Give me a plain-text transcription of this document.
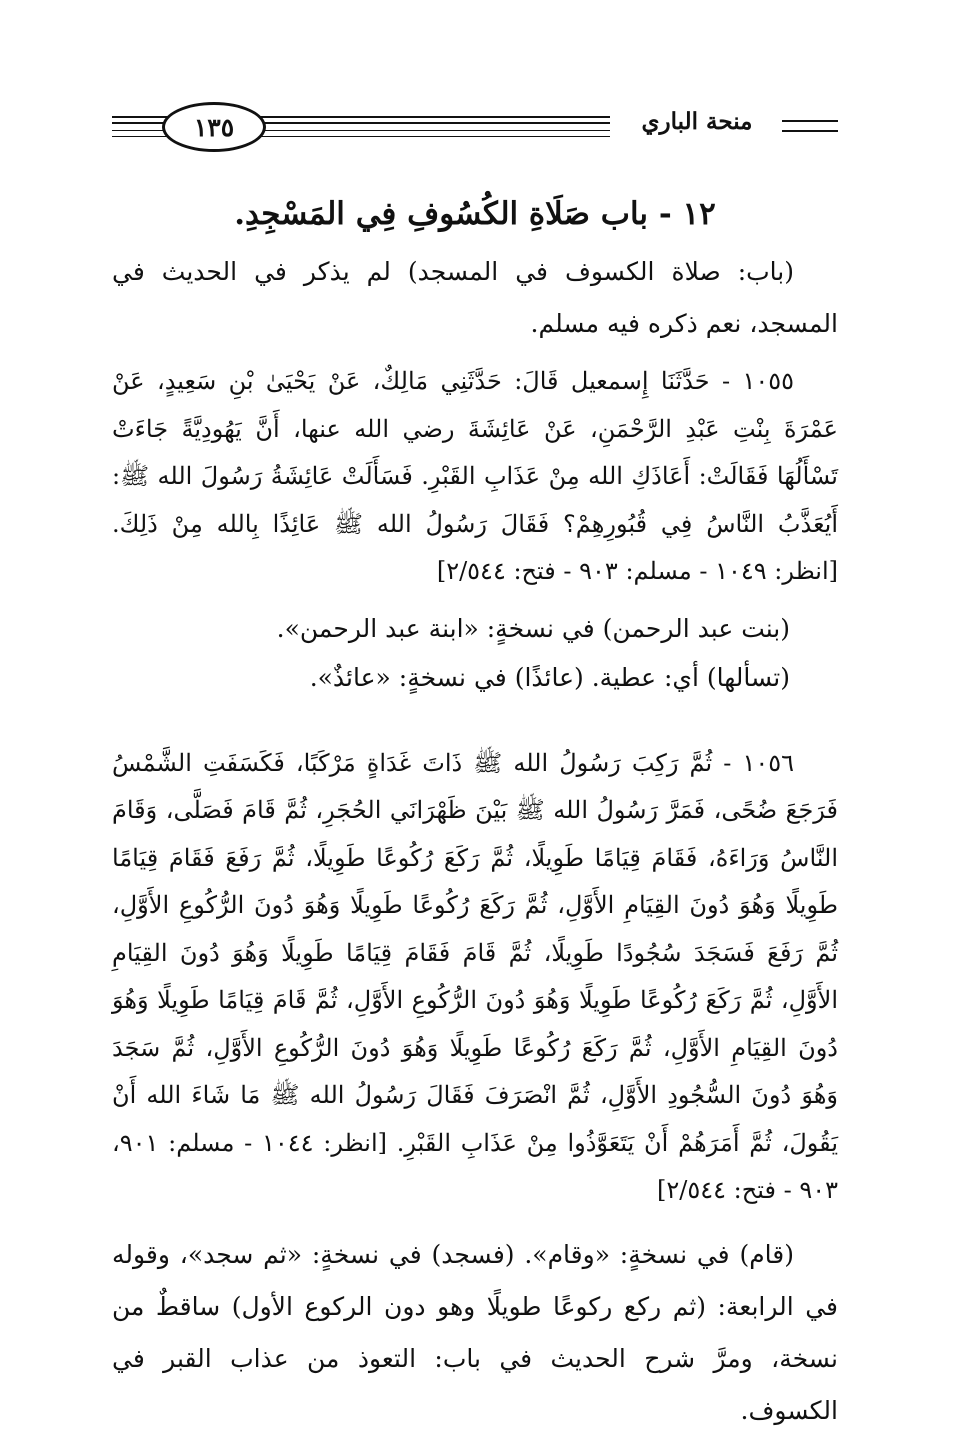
١٣٥	منحة الباري
١٢ - باب صَلَاةِ الكُسُوفِ فِي المَسْجِدِ.

(باب: صلاة الكسوف في المسجد) لم يذكر في الحديث في المسجد، نعم ذكره فيه مسلم.

١٠٥٥ - حَدَّثَنَا إِسمعيل قَالَ: حَدَّثَنِي مَالِكٌ، عَنْ يَحْيَىٰ بْنِ سَعِيدٍ، عَنْ عَمْرَةَ بِنْتِ عَبْدِ الرَّحْمَنِ، عَنْ عَائِشَةَ رضي الله عنها، أَنَّ يَهُودِيَّةً جَاءَتْ تَسْأَلُهَا فَقَالَتْ: أَعَاذَكِ الله مِنْ عَذَابِ القَبْرِ. فَسَأَلَتْ عَائِشَةُ رَسُولَ الله ﷺ: أَيُعَذَّبُ النَّاسُ فِي قُبُورِهِمْ؟ فَقَالَ رَسُولُ الله ﷺ عَائِذًا بِالله مِنْ ذَلِكَ. [انظر: ١٠٤٩ - مسلم: ٩٠٣ - فتح: ٢/٥٤٤]

(بنت عبد الرحمن) في نسخةٍ: «ابنة عبد الرحمن».

(تسألها) أي: عطية. (عائذًا) في نسخةٍ: «عائذٌ».

١٠٥٦ - ثُمَّ رَكِبَ رَسُولُ الله ﷺ ذَاتَ غَدَاةٍ مَرْكَبًا، فَكَسَفَتِ الشَّمْسُ فَرَجَعَ ضُحًى، فَمَرَّ رَسُولُ الله ﷺ بَيْنَ ظَهْرَانَي الحُجَرِ، ثُمَّ قَامَ فَصَلَّى، وَقَامَ النَّاسُ وَرَاءَهُ، فَقَامَ قِيَامًا طَوِيلًا، ثُمَّ رَكَعَ رُكُوعًا طَوِيلًا، ثُمَّ رَفَعَ فَقَامَ قِيَامًا طَوِيلًا وَهُوَ دُونَ القِيَامِ الأَوَّلِ، ثُمَّ رَكَعَ رُكُوعًا طَوِيلًا وَهُوَ دُونَ الرُّكُوعِ الأَوَّلِ، ثُمَّ رَفَعَ فَسَجَدَ سُجُودًا طَوِيلًا، ثُمَّ قَامَ فَقَامَ قِيَامًا طَوِيلًا وَهُوَ دُونَ القِيَامِ الأَوَّلِ، ثُمَّ رَكَعَ رُكُوعًا طَوِيلًا وَهُوَ دُونَ الرُّكُوعِ الأَوَّلِ، ثُمَّ قَامَ قِيَامًا طَوِيلًا وَهُوَ دُونَ القِيَامِ الأَوَّلِ، ثُمَّ رَكَعَ رُكُوعًا طَوِيلًا وَهُوَ دُونَ الرُّكُوعِ الأَوَّلِ، ثُمَّ سَجَدَ وَهُوَ دُونَ السُّجُودِ الأَوَّلِ، ثُمَّ انْصَرَفَ فَقَالَ رَسُولُ الله ﷺ مَا شَاءَ الله أَنْ يَقُولَ، ثُمَّ أَمَرَهُمْ أَنْ يَتَعَوَّذُوا مِنْ عَذَابِ القَبْرِ. [انظر: ١٠٤٤ - مسلم: ٩٠١، ٩٠٣ - فتح: ٢/٥٤٤]

(قام) في نسخةٍ: «وقام». (فسجد) في نسخةٍ: «ثم سجد»، وقوله في الرابعة: (ثم ركع ركوعًا طويلًا وهو دون الركوع الأول) ساقطٌ من نسخة، ومرَّ شرح الحديث في باب: التعوذ من عذاب القبر في الكسوف.
